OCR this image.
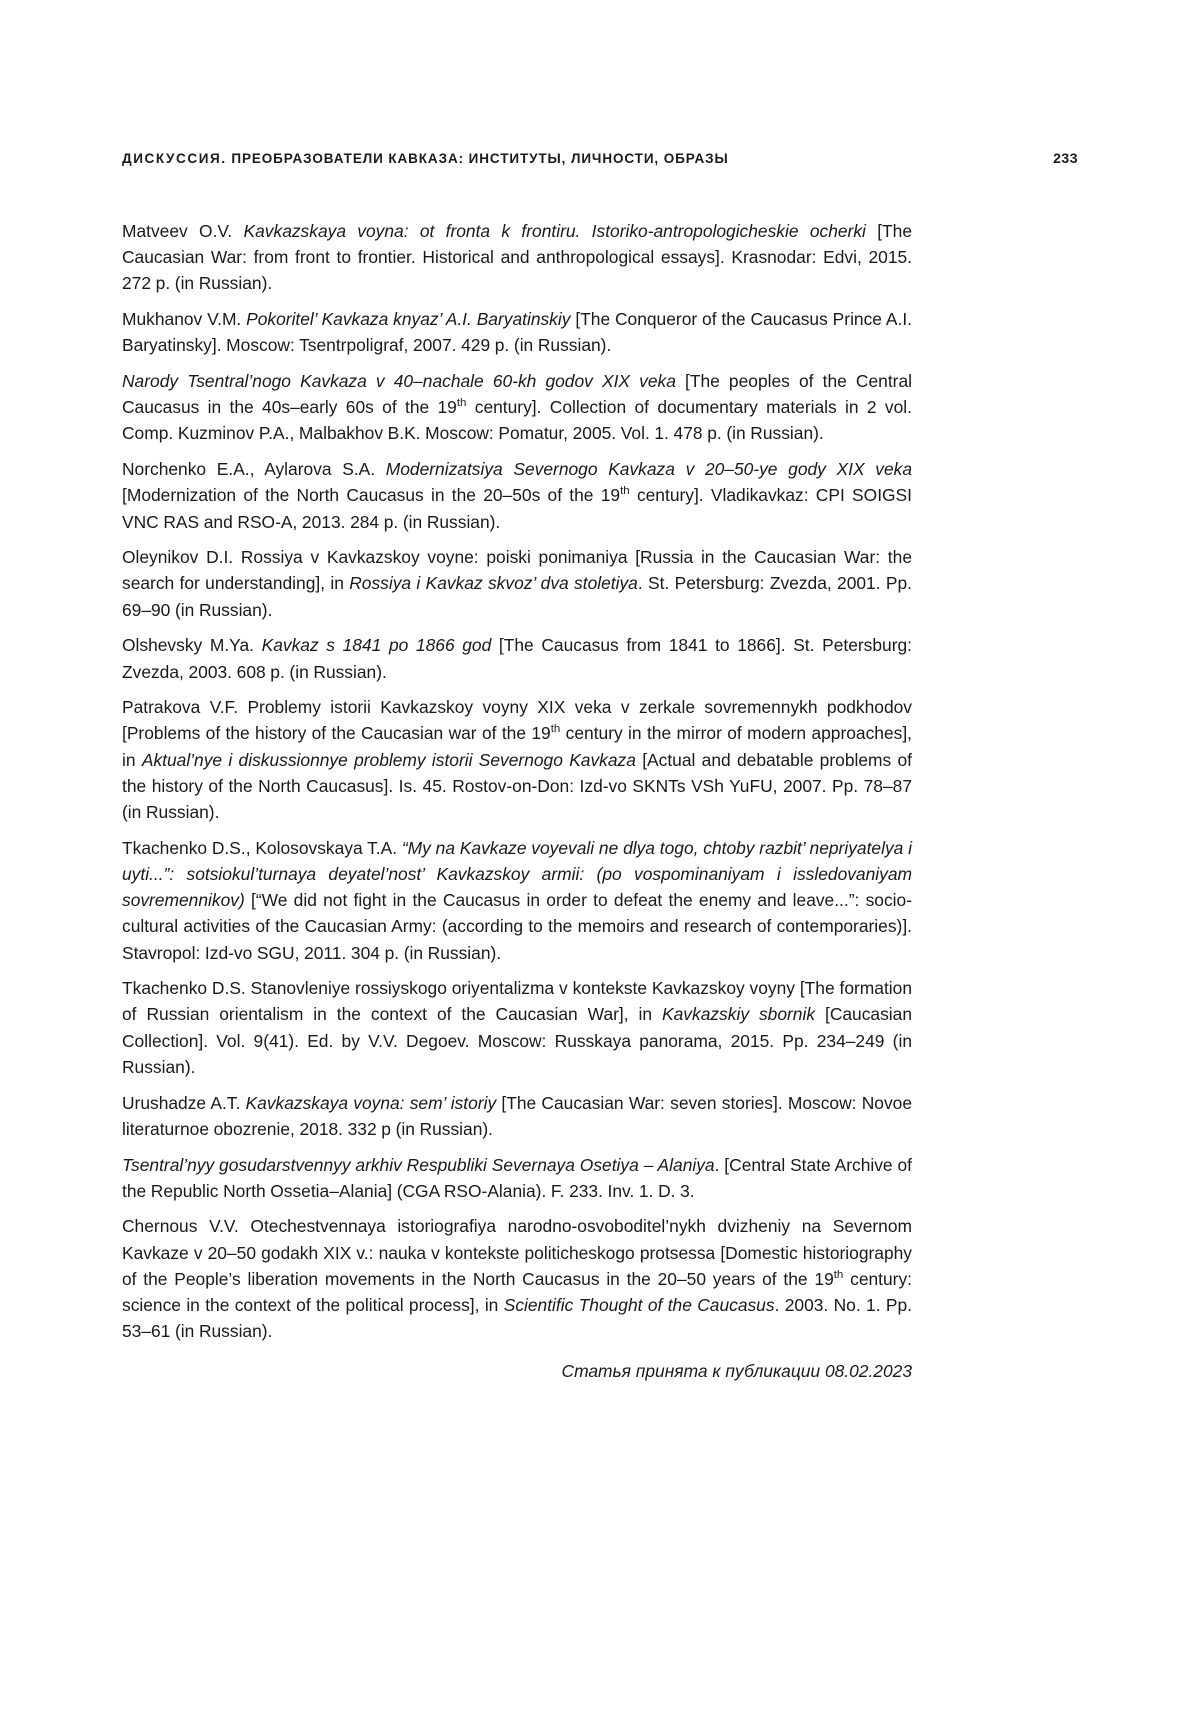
ДИСКУССИЯ. ПРЕОБРАЗОВАТЕЛИ КАВКАЗА: ИНСТИТУТЫ, ЛИЧНОСТИ, ОБРАЗЫ	233

Matveev O.V. Kavkazskaya voyna: ot fronta k frontiru. Istoriko-antropologicheskie ocherki [The Caucasian War: from front to frontier. Historical and anthropological essays]. Krasnodar: Edvi, 2015. 272 p. (in Russian).

Mukhanov V.M. Pokoritel’ Kavkaza knyaz’ A.I. Baryatinskiy [The Conqueror of the Caucasus Prince A.I. Baryatinsky]. Moscow: Tsentrpoligraf, 2007. 429 p. (in Russian).

Narody Tsentral’nogo Kavkaza v 40–nachale 60-kh godov XIX veka [The peoples of the Central Caucasus in the 40s–early 60s of the 19th century]. Collection of documentary materials in 2 vol. Comp. Kuzminov P.A., Malbakhov B.K. Moscow: Pomatur, 2005. Vol. 1. 478 p. (in Russian).

Norchenko E.A., Aylarova S.A. Modernizatsiya Severnogo Kavkaza v 20–50-ye gody XIX veka [Modernization of the North Caucasus in the 20–50s of the 19th century]. Vladikavkaz: CPI SOIGSI VNC RAS and RSO-A, 2013. 284 p. (in Russian).

Oleynikov D.I. Rossiya v Kavkazskoy voyne: poiski ponimaniya [Russia in the Caucasian War: the search for understanding], in Rossiya i Kavkaz skvoz’ dva stoletiya. St. Petersburg: Zvezda, 2001. Pp. 69–90 (in Russian).

Olshevsky M.Ya. Kavkaz s 1841 po 1866 god [The Caucasus from 1841 to 1866]. St. Petersburg: Zvezda, 2003. 608 p. (in Russian).

Patrakova V.F. Problemy istorii Kavkazskoy voyny XIX veka v zerkale sovremennykh podkhodov [Problems of the history of the Caucasian war of the 19th century in the mirror of modern approaches], in Aktual’nye i diskussionnye problemy istorii Severnogo Kavkaza [Actual and debatable problems of the history of the North Caucasus]. Is. 45. Rostov-on-Don: Izd-vo SKNTs VSh YuFU, 2007. Pp. 78–87 (in Russian).

Tkachenko D.S., Kolosovskaya T.A. “My na Kavkaze voyevali ne dlya togo, chtoby razbit’ nepriyatelya i uyti...”: sotsiokul’turnaya deyatel’nost’ Kavkazskoy armii: (po vospominaniyam i issledovaniyam sovremennikov) [“We did not fight in the Caucasus in order to defeat the enemy and leave...”: socio-cultural activities of the Caucasian Army: (according to the memoirs and research of contemporaries)]. Stavropol: Izd-vo SGU, 2011. 304 p. (in Russian).

Tkachenko D.S. Stanovleniye rossiyskogo oriyentalizma v kontekste Kavkazskoy voyny [The formation of Russian orientalism in the context of the Caucasian War], in Kavkazskiy sbornik [Caucasian Collection]. Vol. 9(41). Ed. by V.V. Degoev. Moscow: Russkaya panorama, 2015. Pp. 234–249 (in Russian).

Urushadze A.T. Kavkazskaya voyna: sem’ istoriy [The Caucasian War: seven stories]. Moscow: Novoe literaturnoe obozrenie, 2018. 332 p (in Russian).

Tsentral’nyy gosudarstvennyy arkhiv Respubliki Severnaya Osetiya – Alaniya. [Central State Archive of the Republic North Ossetia–Alania] (CGA RSO-Alania). F. 233. Inv. 1. D. 3.

Chernous V.V. Otechestvennaya istoriografiya narodno-osvoboditel’nykh dvizheniy na Severnom Kavkaze v 20–50 godakh XIX v.: nauka v kontekste politicheskogo protsessa [Domestic historiography of the People’s liberation movements in the North Caucasus in the 20–50 years of the 19th century: science in the context of the political process], in Scientific Thought of the Caucasus. 2003. No. 1. Pp. 53–61 (in Russian).

Статья принята к публикации 08.02.2023
